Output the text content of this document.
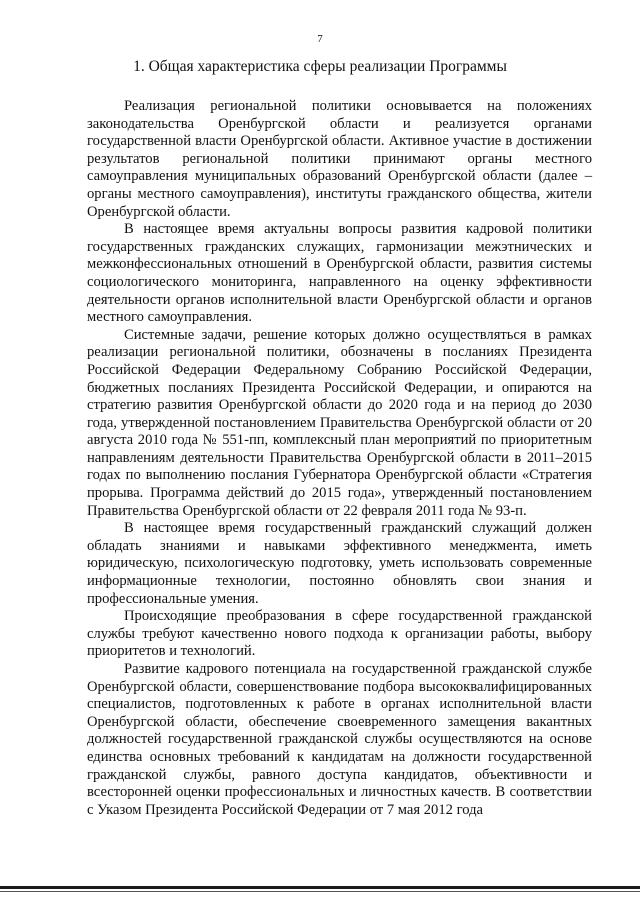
7
1. Общая характеристика сферы реализации Программы

Реализация региональной политики основывается на положениях законодательства Оренбургской области и реализуется органами государственной власти Оренбургской области. Активное участие в достижении результатов региональной политики принимают органы местного самоуправления муниципальных образований Оренбургской области (далее – органы местного самоуправления), институты гражданского общества, жители Оренбургской области.

В настоящее время актуальны вопросы развития кадровой политики государственных гражданских служащих, гармонизации межэтнических и межконфессиональных отношений в Оренбургской области, развития системы социологического мониторинга, направленного на оценку эффективности деятельности органов исполнительной власти Оренбургской области и органов местного самоуправления.

Системные задачи, решение которых должно осуществляться в рамках реализации региональной политики, обозначены в посланиях Президента Российской Федерации Федеральному Собранию Российской Федерации, бюджетных посланиях Президента Российской Федерации, и опираются на стратегию развития Оренбургской области до 2020 года и на период до 2030 года, утвержденной постановлением Правительства Оренбургской области от 20 августа 2010 года № 551-пп, комплексный план мероприятий по приоритетным направлениям деятельности Правительства Оренбургской области в 2011–2015 годах по выполнению послания Губернатора Оренбургской области «Стратегия прорыва. Программа действий до 2015 года», утвержденный постановлением Правительства Оренбургской области от 22 февраля 2011 года № 93-п.

В настоящее время государственный гражданский служащий должен обладать знаниями и навыками эффективного менеджмента, иметь юридическую, психологическую подготовку, уметь использовать современные информационные технологии, постоянно обновлять свои знания и профессиональные умения.

Происходящие преобразования в сфере государственной гражданской службы требуют качественно нового подхода к организации работы, выбору приоритетов и технологий.

Развитие кадрового потенциала на государственной гражданской службе Оренбургской области, совершенствование подбора высококвалифицированных специалистов, подготовленных к работе в органах исполнительной власти Оренбургской области, обеспечение своевременного замещения вакантных должностей государственной гражданской службы осуществляются на основе единства основных требований к кандидатам на должности государственной гражданской службы, равного доступа кандидатов, объективности и всесторонней оценки профессиональных и личностных качеств. В соответствии с Указом Президента Российской Федерации от 7 мая 2012 года
